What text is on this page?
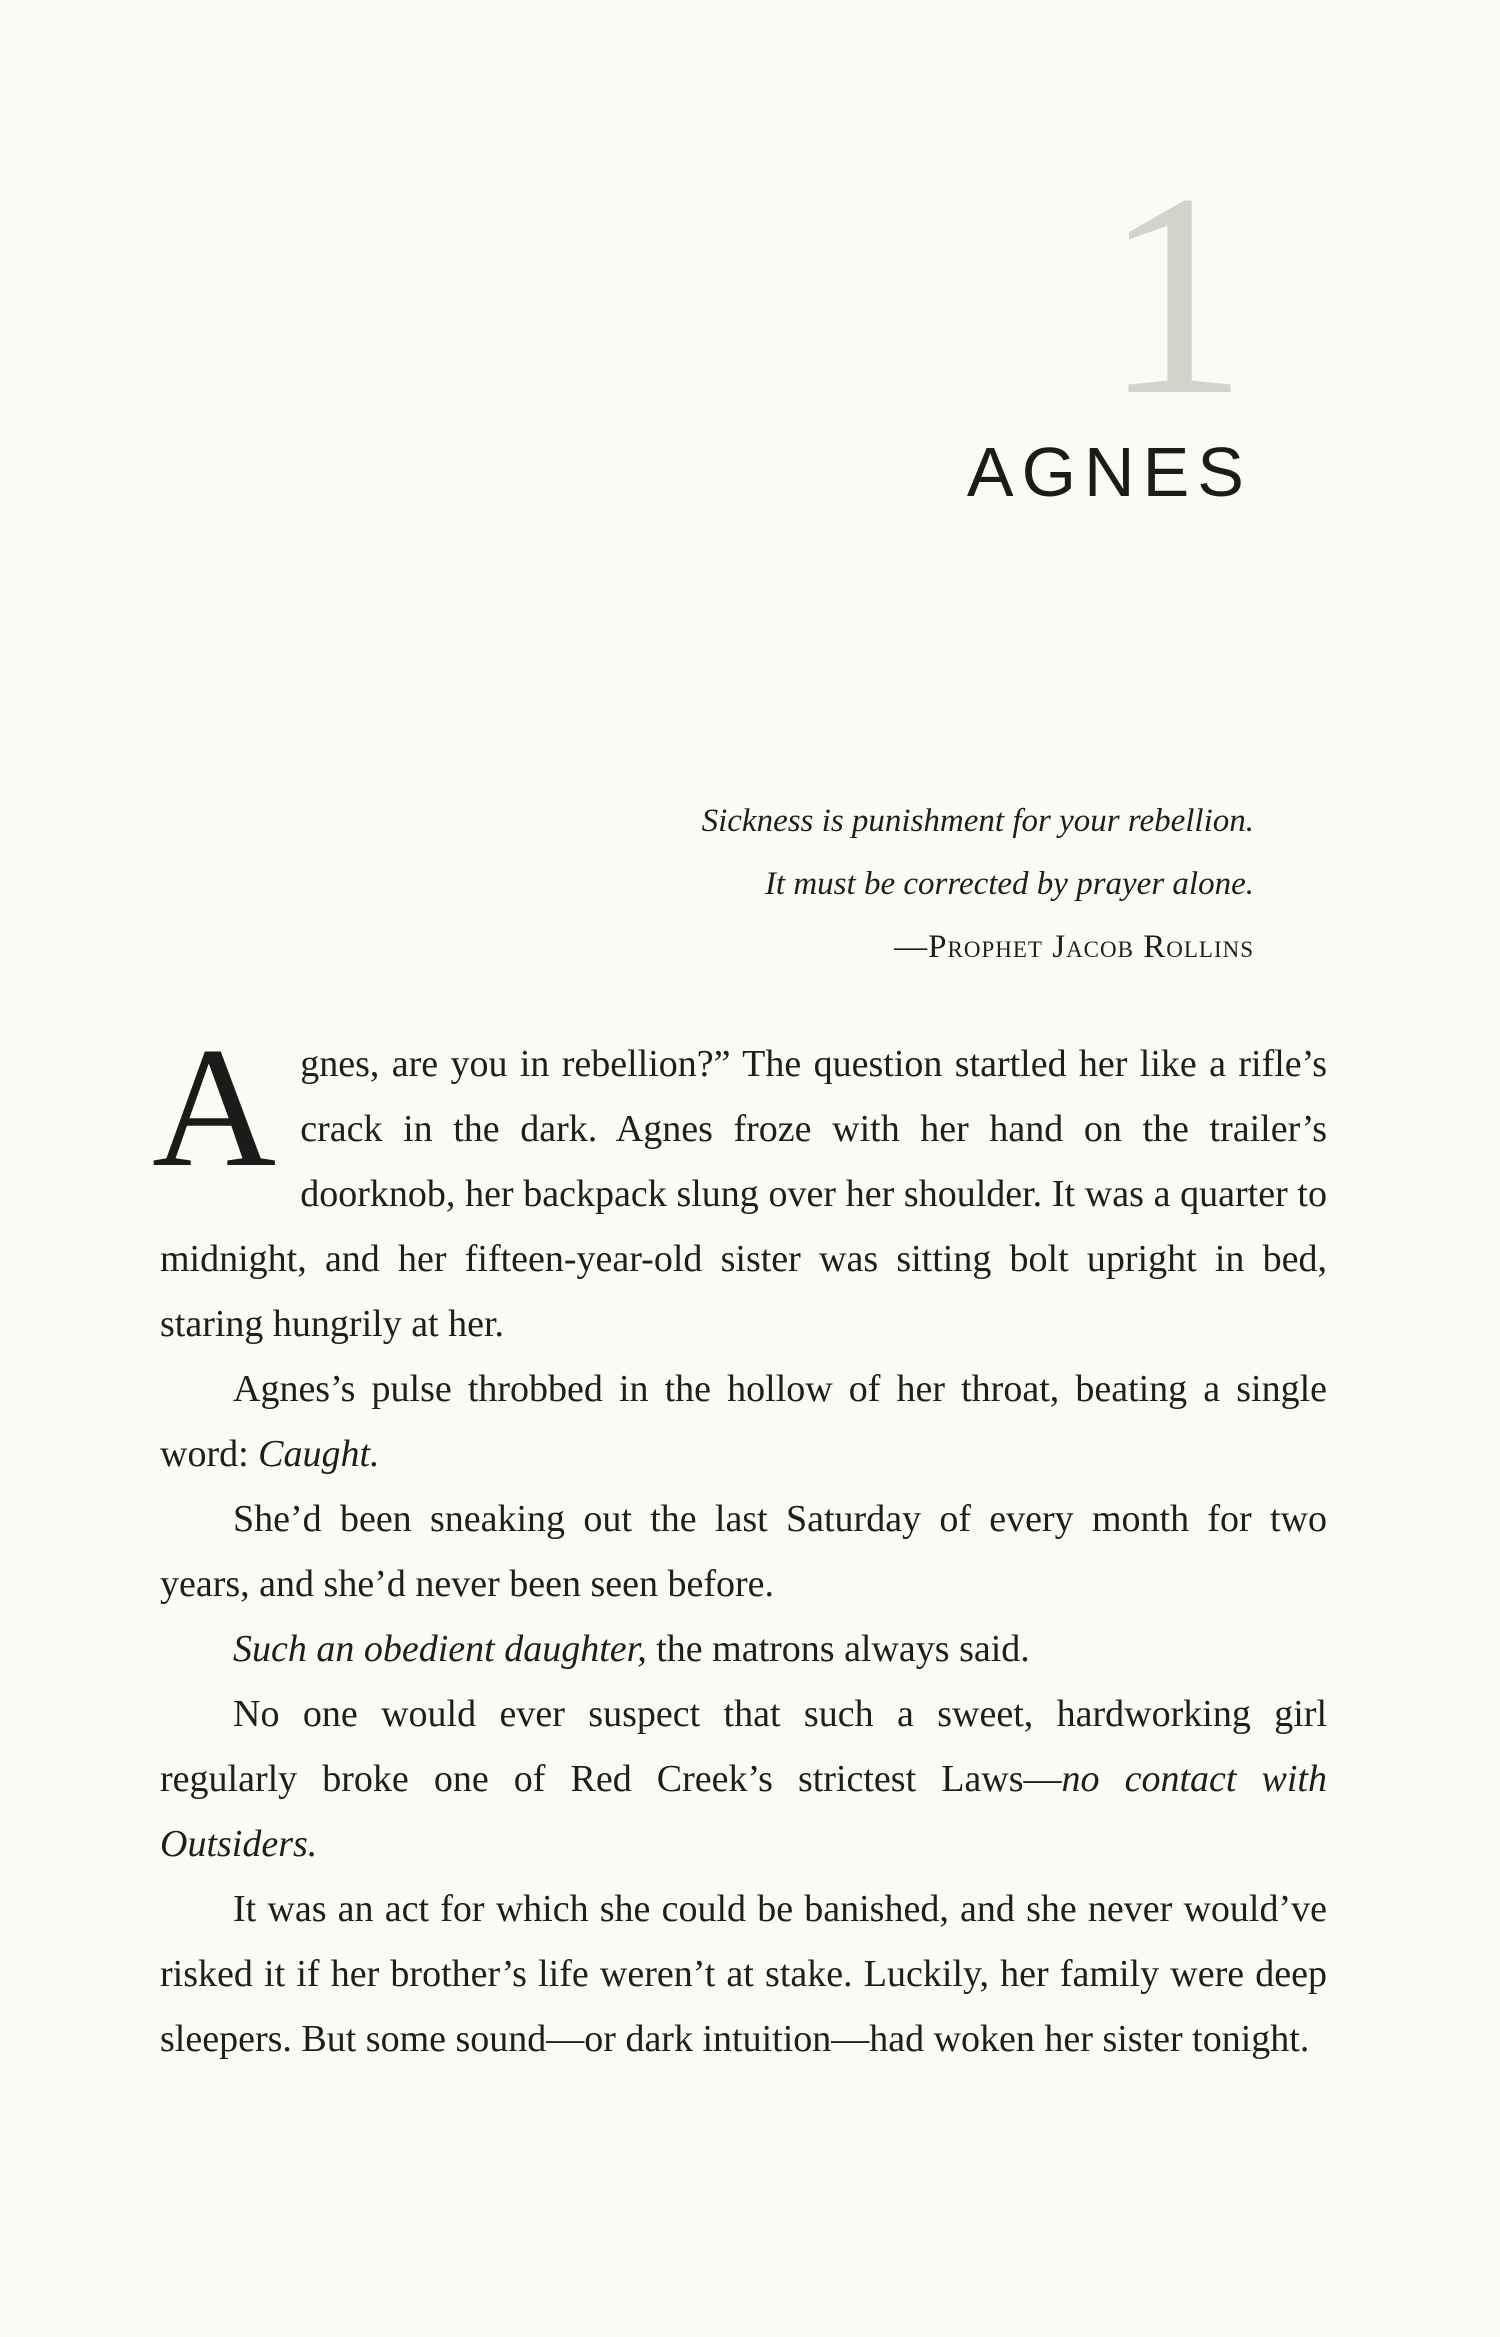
1
AGNES
Sickness is punishment for your rebellion.
It must be corrected by prayer alone.
—Prophet Jacob Rollins

Agnes, are you in rebellion?” The question startled her like a rifle’s crack in the dark. Agnes froze with her hand on the trailer’s doorknob, her backpack slung over her shoulder. It was a quarter to midnight, and her fifteen-year-old sister was sitting bolt upright in bed, staring hungrily at her.

Agnes’s pulse throbbed in the hollow of her throat, beating a single word: Caught.

She’d been sneaking out the last Saturday of every month for two years, and she’d never been seen before.

Such an obedient daughter, the matrons always said.

No one would ever suspect that such a sweet, hardworking girl regularly broke one of Red Creek’s strictest Laws—no contact with Outsiders.

It was an act for which she could be banished, and she never would’ve risked it if her brother’s life weren’t at stake. Luckily, her family were deep sleepers. But some sound—or dark intuition—had woken her sister tonight.
